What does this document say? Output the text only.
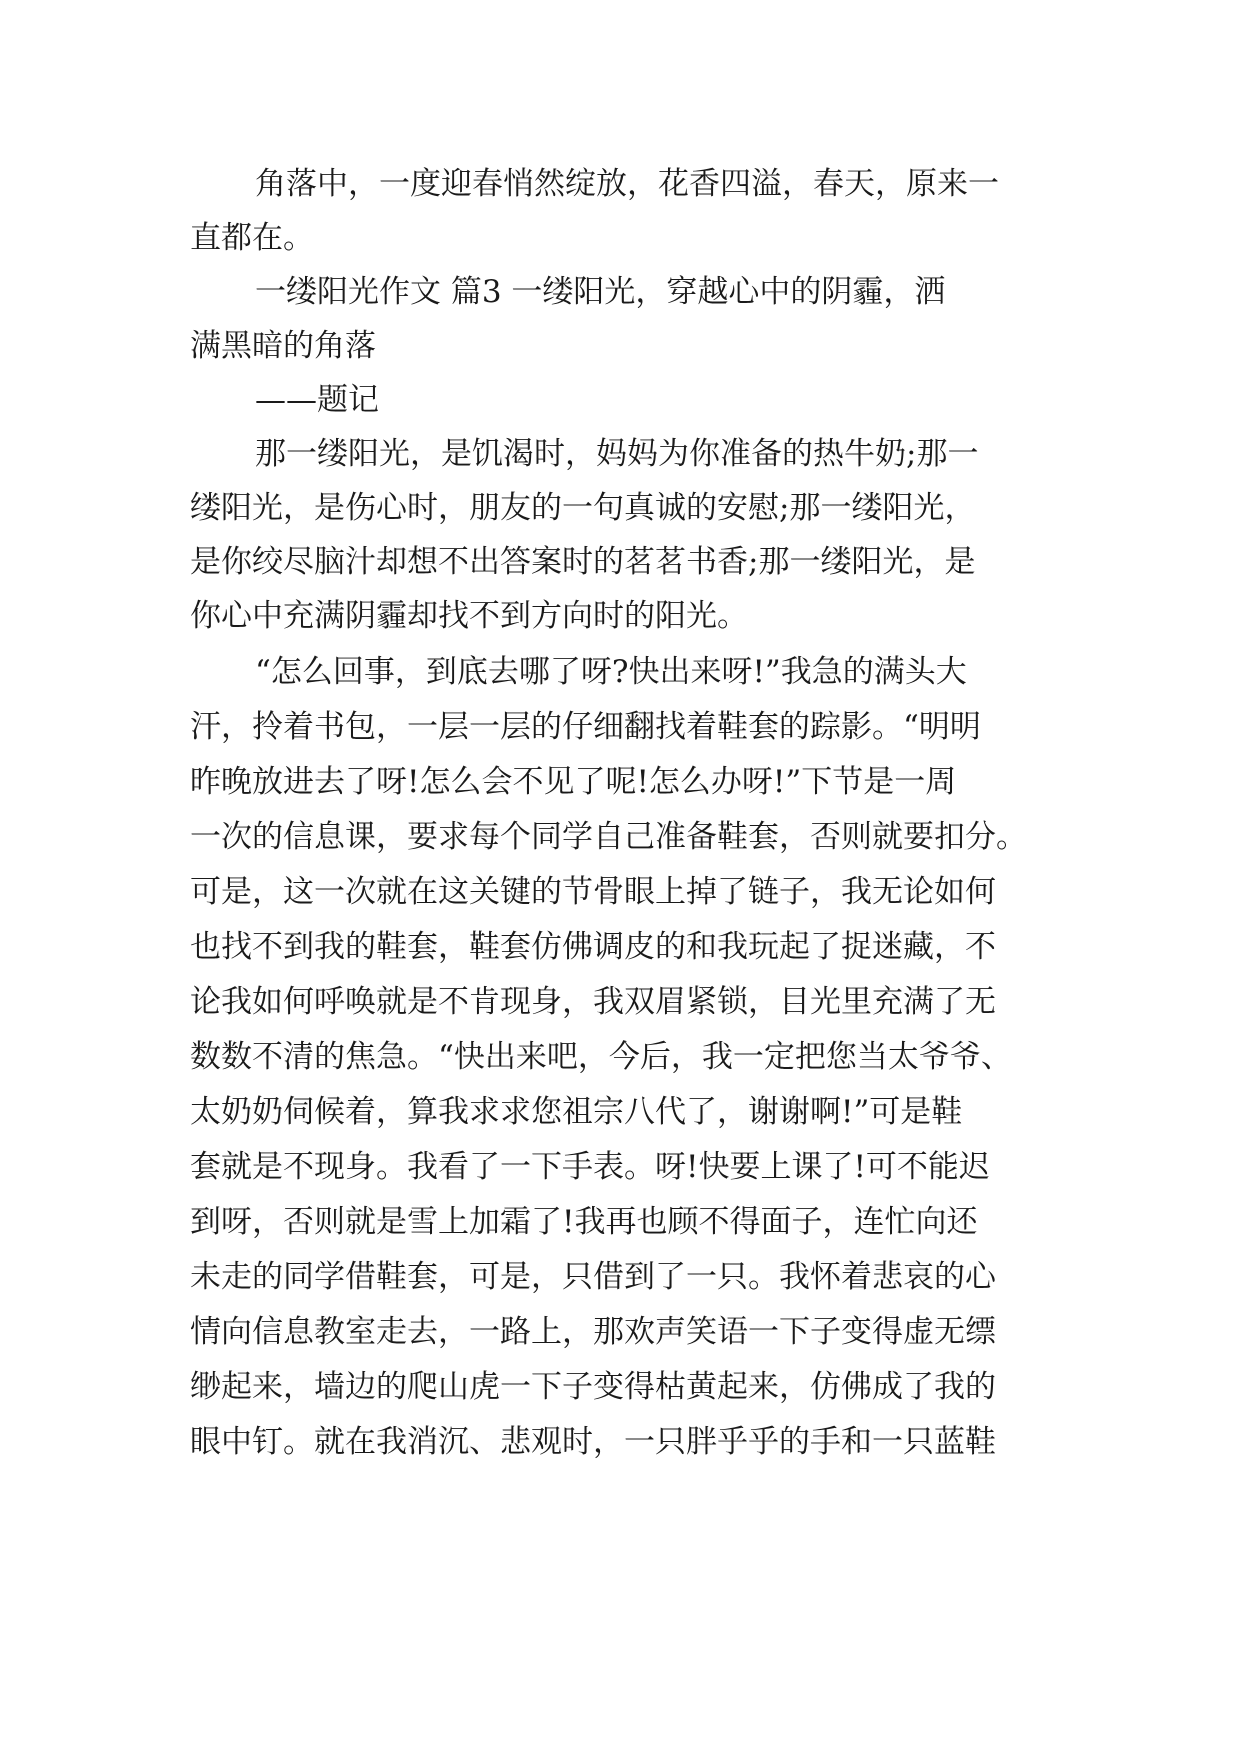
角落中，一度迎春悄然绽放，花香四溢，春天，原来一
直都在。
一缕阳光作文 篇3 一缕阳光，穿越心中的阴霾，洒
满黑暗的角落
——题记
那一缕阳光，是饥渴时，妈妈为你准备的热牛奶;那一
缕阳光，是伤心时，朋友的一句真诚的安慰;那一缕阳光，
是你绞尽脑汁却想不出答案时的茗茗书香;那一缕阳光，是
你心中充满阴霾却找不到方向时的阳光。
“怎么回事，到底去哪了呀?快出来呀!”我急的满头大
汗，拎着书包，一层一层的仔细翻找着鞋套的踪影。“明明
昨晚放进去了呀!怎么会不见了呢!怎么办呀!”下节是一周
一次的信息课，要求每个同学自己准备鞋套，否则就要扣分。
可是，这一次就在这关键的节骨眼上掉了链子，我无论如何
也找不到我的鞋套，鞋套仿佛调皮的和我玩起了捉迷藏，不
论我如何呼唤就是不肯现身，我双眉紧锁，目光里充满了无
数数不清的焦急。“快出来吧，今后，我一定把您当太爷爷、
太奶奶伺候着，算我求求您祖宗八代了，谢谢啊!”可是鞋
套就是不现身。我看了一下手表。呀!快要上课了!可不能迟
到呀，否则就是雪上加霜了!我再也顾不得面子，连忙向还
未走的同学借鞋套，可是，只借到了一只。我怀着悲哀的心
情向信息教室走去，一路上，那欢声笑语一下子变得虚无缥
缈起来，墙边的爬山虎一下子变得枯黄起来，仿佛成了我的
眼中钉。就在我消沉、悲观时，一只胖乎乎的手和一只蓝鞋
